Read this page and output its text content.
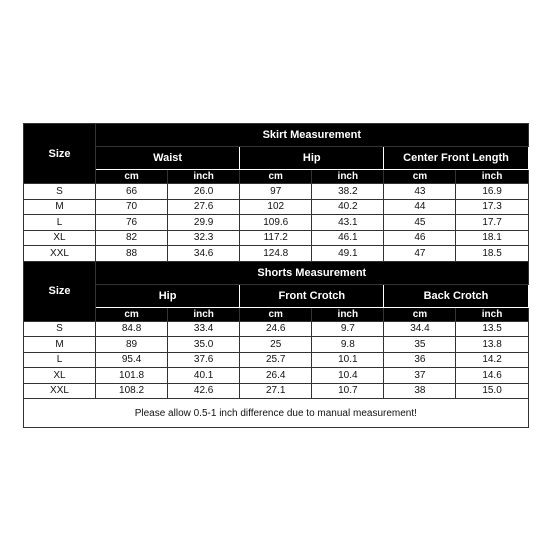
Size	Skirt Measurement					
	Waist		Hip		Center Front Length	
	cm	inch	cm	inch	cm	inch
S	66	26.0	97	38.2	43	16.9
M	70	27.6	102	40.2	44	17.3
L	76	29.9	109.6	43.1	45	17.7
XL	82	32.3	117.2	46.1	46	18.1
XXL	88	34.6	124.8	49.1	47	18.5
Size	Shorts Measurement					
	Hip		Front Crotch		Back Crotch	
	cm	inch	cm	inch	cm	inch
S	84.8	33.4	24.6	9.7	34.4	13.5
M	89	35.0	25	9.8	35	13.8
L	95.4	37.6	25.7	10.1	36	14.2
XL	101.8	40.1	26.4	10.4	37	14.6
XXL	108.2	42.6	27.1	10.7	38	15.0
Please allow 0.5-1 inch difference due to manual measurement!						
